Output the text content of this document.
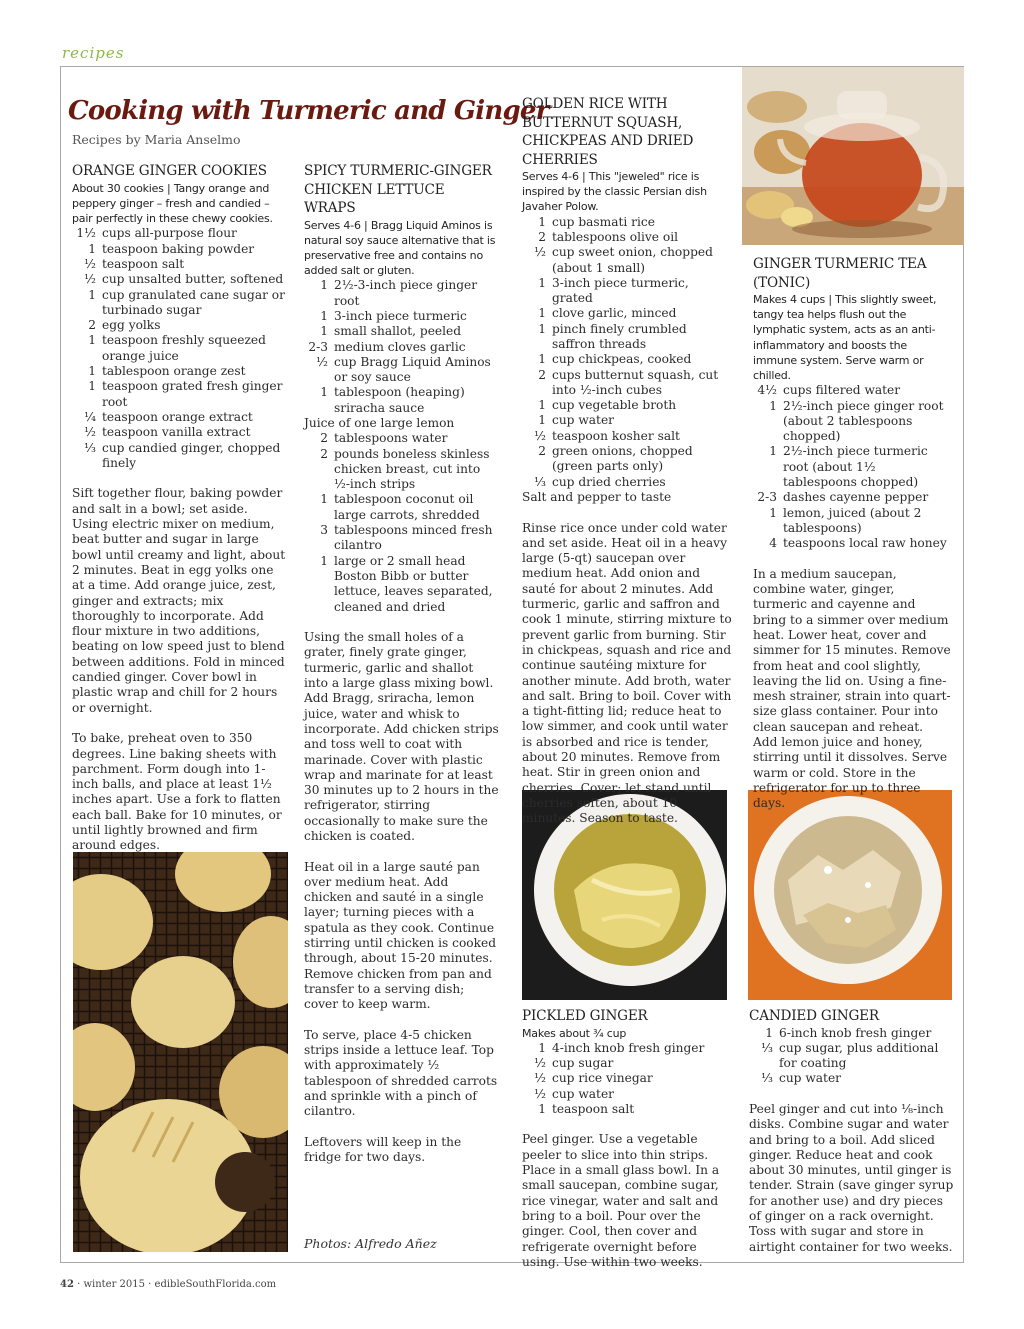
recipes
Cooking with Turmeric and Ginger
Recipes by Maria Anselmo
ORANGE GINGER COOKIES
About 30 cookies | Tangy orange and peppery ginger – fresh and candied – pair perfectly in these chewy cookies.
1½ cups all-purpose flour
1 teaspoon baking powder
½ teaspoon salt
½ cup unsalted butter, softened
1 cup granulated cane sugar or turbinado sugar
2 egg yolks
1 teaspoon freshly squeezed orange juice
1 tablespoon orange zest
1 teaspoon grated fresh ginger root
¼ teaspoon orange extract
½ teaspoon vanilla extract
⅓ cup candied ginger, chopped finely

Sift together flour, baking powder and salt in a bowl; set aside. Using electric mixer on medium, beat butter and sugar in large bowl until creamy and light, about 2 minutes. Beat in egg yolks one at a time. Add orange juice, zest, ginger and extracts; mix thoroughly to incorporate. Add flour mixture in two additions, beating on low speed just to blend between additions. Fold in minced candied ginger. Cover bowl in plastic wrap and chill for 2 hours or overnight.

To bake, preheat oven to 350 degrees. Line baking sheets with parchment. Form dough into 1-inch balls, and place at least 1½ inches apart. Use a fork to flatten each ball. Bake for 10 minutes, or until lightly browned and firm around edges.

SPICY TURMERIC-GINGER CHICKEN LETTUCE WRAPS
Serves 4-6 | Bragg Liquid Aminos is natural soy sauce alternative that is preservative free and contains no added salt or gluten.
1 2½-3-inch piece ginger root
1 3-inch piece turmeric
1 small shallot, peeled
2-3 medium cloves garlic
½ cup Bragg Liquid Aminos or soy sauce
1 tablespoon (heaping) sriracha sauce
Juice of one large lemon
2 tablespoons water
2 pounds boneless skinless chicken breast, cut into ½-inch strips
1 tablespoon coconut oil large carrots, shredded
3 tablespoons minced fresh cilantro
1 large or 2 small head Boston Bibb or butter lettuce, leaves separated, cleaned and dried

Using the small holes of a grater, finely grate ginger, turmeric, garlic and shallot into a large glass mixing bowl. Add Bragg, sriracha, lemon juice, water and whisk to incorporate. Add chicken strips and toss well to coat with marinade. Cover with plastic wrap and marinate for at least 30 minutes up to 2 hours in the refrigerator, stirring occasionally to make sure the chicken is coated.

Heat oil in a large sauté pan over medium heat. Add chicken and sauté in a single layer; turning pieces with a spatula as they cook. Continue stirring until chicken is cooked through, about 15-20 minutes. Remove chicken from pan and transfer to a serving dish; cover to keep warm.

To serve, place 4-5 chicken strips inside a lettuce leaf. Top with approximately ½ tablespoon of shredded carrots and sprinkle with a pinch of cilantro.

Leftovers will keep in the fridge for two days.

GOLDEN RICE WITH BUTTERNUT SQUASH, CHICKPEAS AND DRIED CHERRIES
Serves 4-6 | This "jeweled" rice is inspired by the classic Persian dish Javaher Polow.
1 cup basmati rice
2 tablespoons olive oil
½ cup sweet onion, chopped (about 1 small)
1 3-inch piece turmeric, grated
1 clove garlic, minced
1 pinch finely crumbled saffron threads
1 cup chickpeas, cooked
2 cups butternut squash, cut into ½-inch cubes
1 cup vegetable broth
1 cup water
½ teaspoon kosher salt
2 green onions, chopped (green parts only)
⅓ cup dried cherries
Salt and pepper to taste

Rinse rice once under cold water and set aside. Heat oil in a heavy large (5-qt) saucepan over medium heat. Add onion and sauté for about 2 minutes. Add turmeric, garlic and saffron and cook 1 minute, stirring mixture to prevent garlic from burning. Stir in chickpeas, squash and rice and continue sautéing mixture for another minute. Add broth, water and salt. Bring to boil. Cover with a tight-fitting lid; reduce heat to low simmer, and cook until water is absorbed and rice is tender, about 20 minutes. Remove from heat. Stir in green onion and cherries. Cover; let stand until cherries soften, about 10 minutes. Season to taste.

GINGER TURMERIC TEA (TONIC)
Makes 4 cups | This slightly sweet, tangy tea helps flush out the lymphatic system, acts as an anti-inflammatory and boosts the immune system. Serve warm or chilled.
4½ cups filtered water
1 2½-inch piece ginger root (about 2 tablespoons chopped)
1 2½-inch piece turmeric root (about 1½ tablespoons chopped)
2-3 dashes cayenne pepper
1 lemon, juiced (about 2 tablespoons)
4 teaspoons local raw honey

In a medium saucepan, combine water, ginger, turmeric and cayenne and bring to a simmer over medium heat. Lower heat, cover and simmer for 15 minutes. Remove from heat and cool slightly, leaving the lid on. Using a fine-mesh strainer, strain into quart-size glass container. Pour into clean saucepan and reheat. Add lemon juice and honey, stirring until it dissolves. Serve warm or cold. Store in the refrigerator for up to three days.

PICKLED GINGER
Makes about ¾ cup
1 4-inch knob fresh ginger
½ cup sugar
½ cup rice vinegar
½ cup water
1 teaspoon salt

Peel ginger. Use a vegetable peeler to slice into thin strips. Place in a small glass bowl. In a small saucepan, combine sugar, rice vinegar, water and salt and bring to a boil. Pour over the ginger. Cool, then cover and refrigerate overnight before using. Use within two weeks.

CANDIED GINGER
1 6-inch knob fresh ginger
⅓ cup sugar, plus additional for coating
⅓ cup water

Peel ginger and cut into ⅛-inch disks. Combine sugar and water and bring to a boil. Add sliced ginger. Reduce heat and cook about 30 minutes, until ginger is tender. Strain (save ginger syrup for another use) and dry pieces of ginger on a rack overnight. Toss with sugar and store in airtight container for two weeks.

Photos: Alfredo Añez
42 · winter 2015 · edibleSouthFlorida.com
